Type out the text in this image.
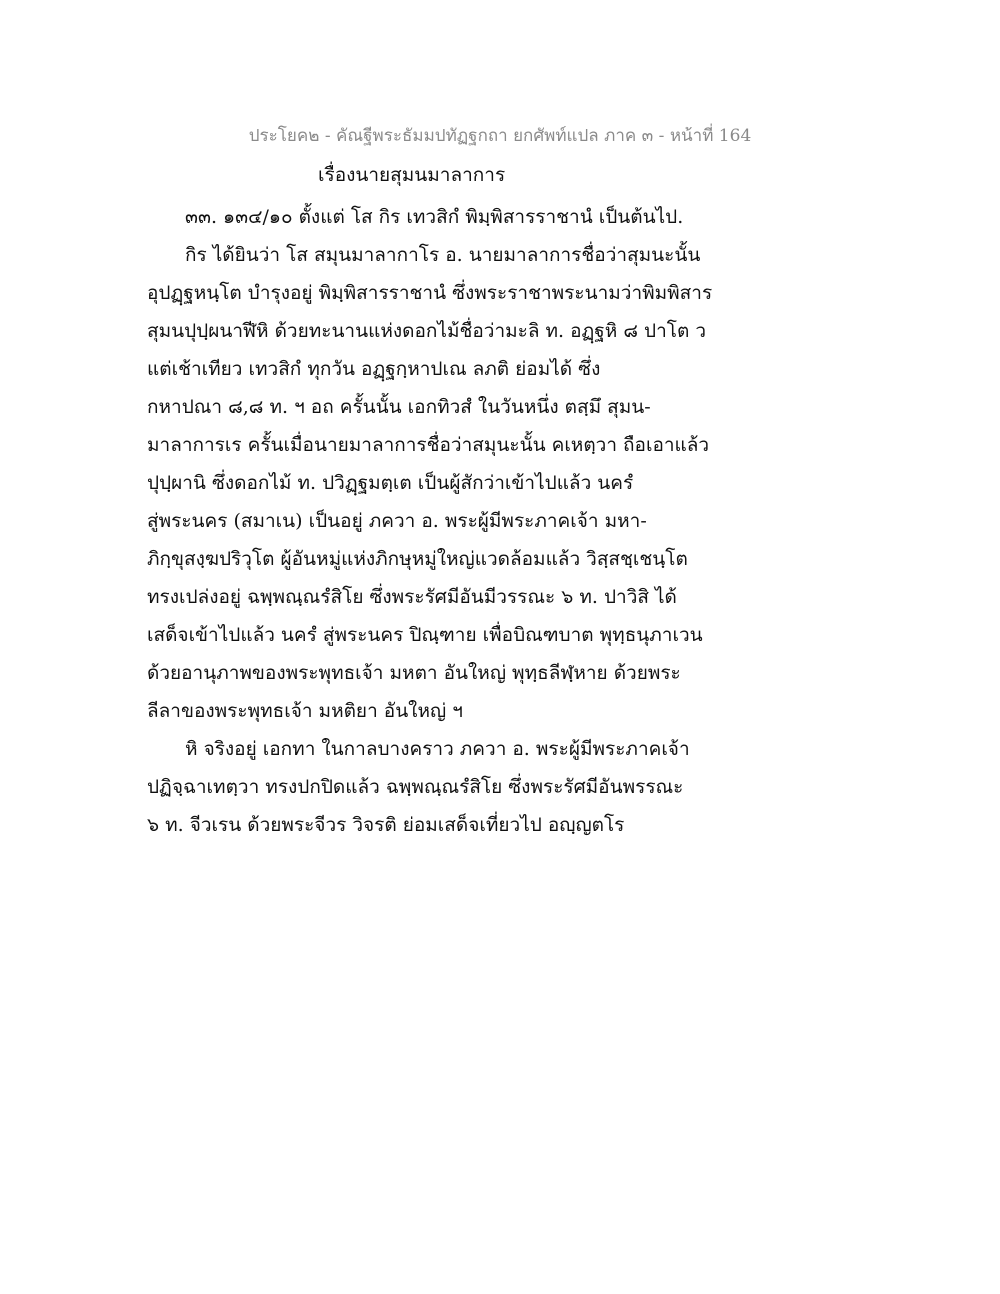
ประโยค๒ - คัณฐีพระธัมมปทัฏฐกถา ยกศัพท์แปล ภาค ๓ - หน้าที่ 164
เรื่องนายสุมนมาลาการ
๓๓. ๑๓๔/๑๐ ตั้งแต่ โส กิร เทวสิกํ พิมฺพิสารราชานํ เป็นต้นไป.
กิร ได้ยินว่า โส สมุนมาลากาโร อ. นายมาลาการชื่อว่าสุมนะนั้น
อุปฏฺฐหนฺโต บำรุงอยู่ พิมฺพิสารราชานํ ซึ่งพระราชาพระนามว่าพิมพิสาร
สุมนปุปฺผนาฬีหิ ด้วยทะนานแห่งดอกไม้ชื่อว่ามะลิ ท. อฏฺฐหิ ๘ ปาโต ว
แต่เช้าเทียว เทวสิกํ ทุกวัน อฏฺฐกฺหาปเณ ลภติ ย่อมได้ ซึ่ง
กหาปณา ๘,๘ ท. ฯ อถ ครั้นนั้น เอกทิวสํ ในวันหนึ่ง ตสฺมึ สุมน-
มาลาการเร ครั้นเมื่อนายมาลาการชื่อว่าสมุนะนั้น คเหตฺวา ถือเอาแล้ว
ปุปฺผานิ ซึ่งดอกไม้ ท. ปวิฏฺฐมตฺเต เป็นผู้สักว่าเข้าไปแล้ว นครํ
สู่พระนคร (สมาเน) เป็นอยู่ ภควา อ. พระผู้มีพระภาคเจ้า มหา-
ภิกฺขุสงฺฆปริวุโต ผู้อันหมู่แห่งภิกษุหมู่ใหญ่แวดล้อมแล้ว วิสฺสชฺเชนฺโต
ทรงเปล่งอยู่ ฉพฺพณฺณรํสิโย ซึ่งพระรัศมีอันมีวรรณะ ๖ ท. ปาวิสิ ได้
เสด็จเข้าไปแล้ว นครํ สู่พระนคร ปิณฺฑาย เพื่อบิณฑบาต พุทฺธนุภาเวน
ด้วยอานุภาพของพระพุทธเจ้า มหตา อันใหญ่ พุทฺธลีฬฺหาย ด้วยพระ
ลีลาของพระพุทธเจ้า มหติยา อันใหญ่ ฯ
หิ จริงอยู่ เอกทา ในกาลบางคราว ภควา อ. พระผู้มีพระภาคเจ้า
ปฏิจฺฉาเทตฺวา ทรงปกปิดแล้ว ฉพฺพณฺณรํสิโย ซึ่งพระรัศมีอันพรรณะ
๖ ท. จีวเรน ด้วยพระจีวร วิจรติ ย่อมเสด็จเที่ยวไป อญฺญตโร
